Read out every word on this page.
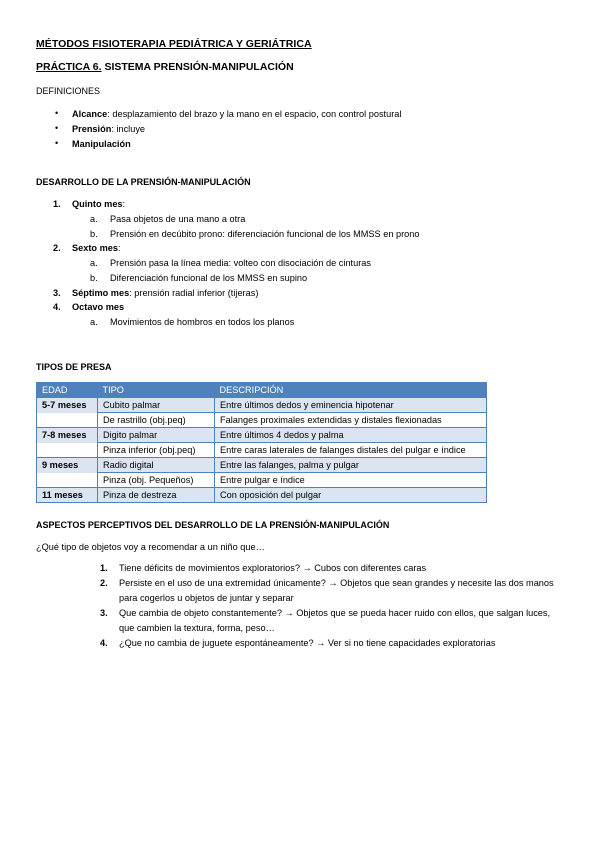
MÉTODOS FISIOTERAPIA PEDIÁTRICA Y GERIÁTRICA
PRÁCTICA 6. SISTEMA PRENSIÓN-MANIPULACIÓN
DEFINICIONES
• Alcance: desplazamiento del brazo y la mano en el espacio, con control postural
• Prensión: incluye
• Manipulación
DESARROLLO DE LA PRENSIÓN-MANIPULACIÓN
1. Quinto mes:
a. Pasa objetos de una mano a otra
b. Prensión en decúbito prono: diferenciación funcional de los MMSS en prono
2. Sexto mes:
a. Prensión pasa la línea media: volteo con disociación de cinturas
b. Diferenciación funcional de los MMSS en supino
3. Séptimo mes: prensión radial inferior (tijeras)
4. Octavo mes
a. Movimientos de hombros en todos los planos
TIPOS DE PRESA
EDAD	TIPO	DESCRIPCIÓN
5-7 meses	Cubito palmar	Entre últimos dedos y eminencia hipotenar
	De rastrillo (obj.peq)	Falanges proximales extendidas y distales flexionadas
7-8 meses	Digito palmar	Entre últimos 4 dedos y palma
	Pinza inferior (obj.peq)	Entre caras laterales de falanges distales del pulgar e índice
9 meses	Radio digital	Entre las falanges, palma y pulgar
	Pinza (obj. Pequeños)	Entre pulgar e índice
11 meses	Pinza de destreza	Con oposición del pulgar
ASPECTOS PERCEPTIVOS DEL DESARROLLO DE LA PRENSIÓN-MANIPULACIÓN
¿Qué tipo de objetos voy a recomendar a un niño que…
1. Tiene déficits de movimientos exploratorios? → Cubos con diferentes caras
2. Persiste en el uso de una extremidad únicamente? → Objetos que sean grandes y necesite las dos manos
para cogerlos u objetos de juntar y separar
3. Que cambia de objeto constantemente? → Objetos que se pueda hacer ruido con ellos, que salgan luces,
que cambien la textura, forma, peso…
4. ¿Que no cambia de juguete espontáneamente? → Ver si no tiene capacidades exploratorias
